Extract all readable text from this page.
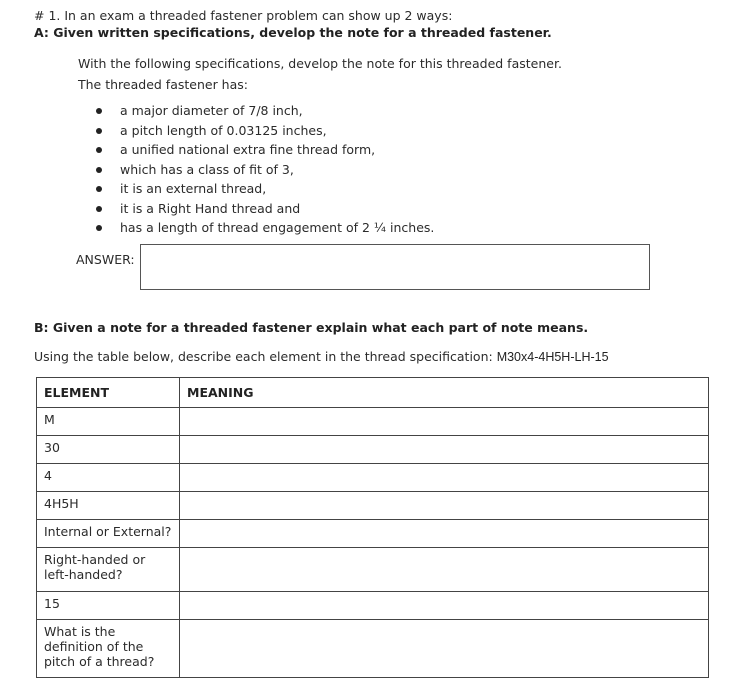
# 1. In an exam a threaded fastener problem can show up 2 ways:
A: Given written specifications, develop the note for a threaded fastener.
With the following specifications, develop the note for this threaded fastener.
The threaded fastener has:
a major diameter of 7/8 inch,
a pitch length of 0.03125 inches,
a unified national extra fine thread form,
which has a class of fit of 3,
it is an external thread,
it is a Right Hand thread and
has a length of thread engagement of 2 ¼ inches.
ANSWER:
B: Given a note for a threaded fastener explain what each part of note means.
Using the table below, describe each element in the thread specification: M30x4-4H5H-LH-15
ELEMENT	MEANING
M	
30	
4	
4H5H	
Internal or External?	
Right-handed or left-handed?	
15	
What is the definition of the pitch of a thread?	
